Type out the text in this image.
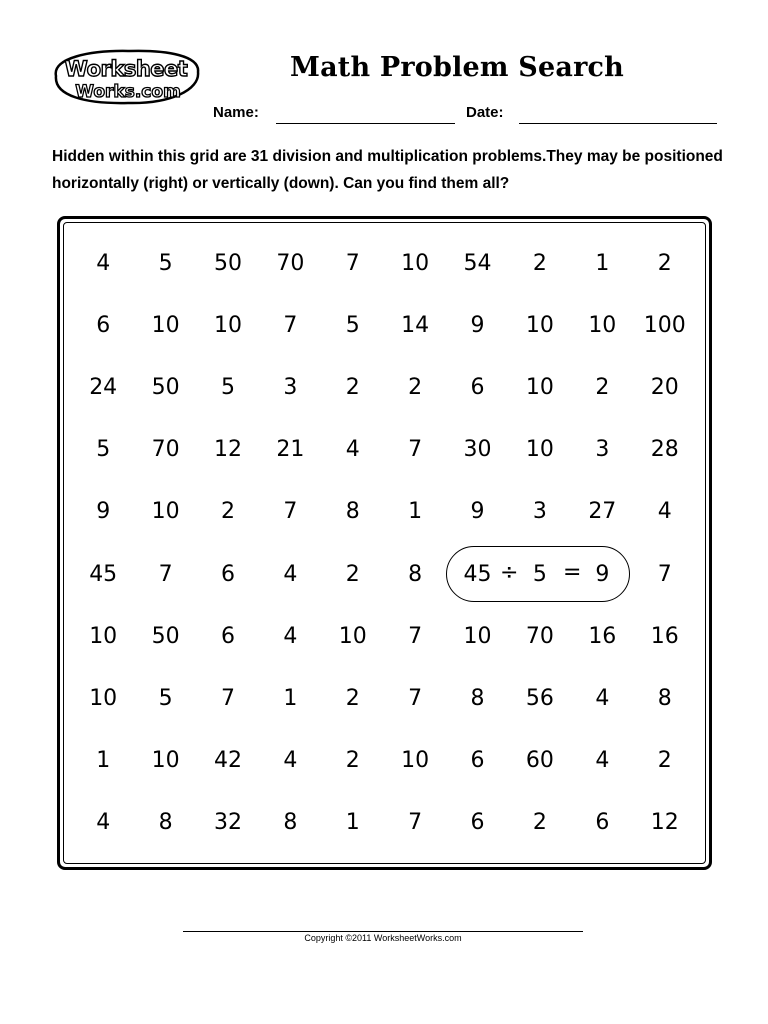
Worksheet
Works.com
Math Problem Search
Name:	Date:
Hidden within this grid are 31 division and multiplication problems.They may be positioned horizontally (right) or vertically (down). Can you find them all?
÷ =
4	5	50	70	7	10	54	2	1	2
6	10	10	7	5	14	9	10	10	100
24	50	5	3	2	2	6	10	2	20
5	70	12	21	4	7	30	10	3	28
9	10	2	7	8	1	9	3	27	4
45	7	6	4	2	8	45	5	9	7
10	50	6	4	10	7	10	70	16	16
10	5	7	1	2	7	8	56	4	8
1	10	42	4	2	10	6	60	4	2
4	8	32	8	1	7	6	2	6	12
Copyright ©2011 WorksheetWorks.com
